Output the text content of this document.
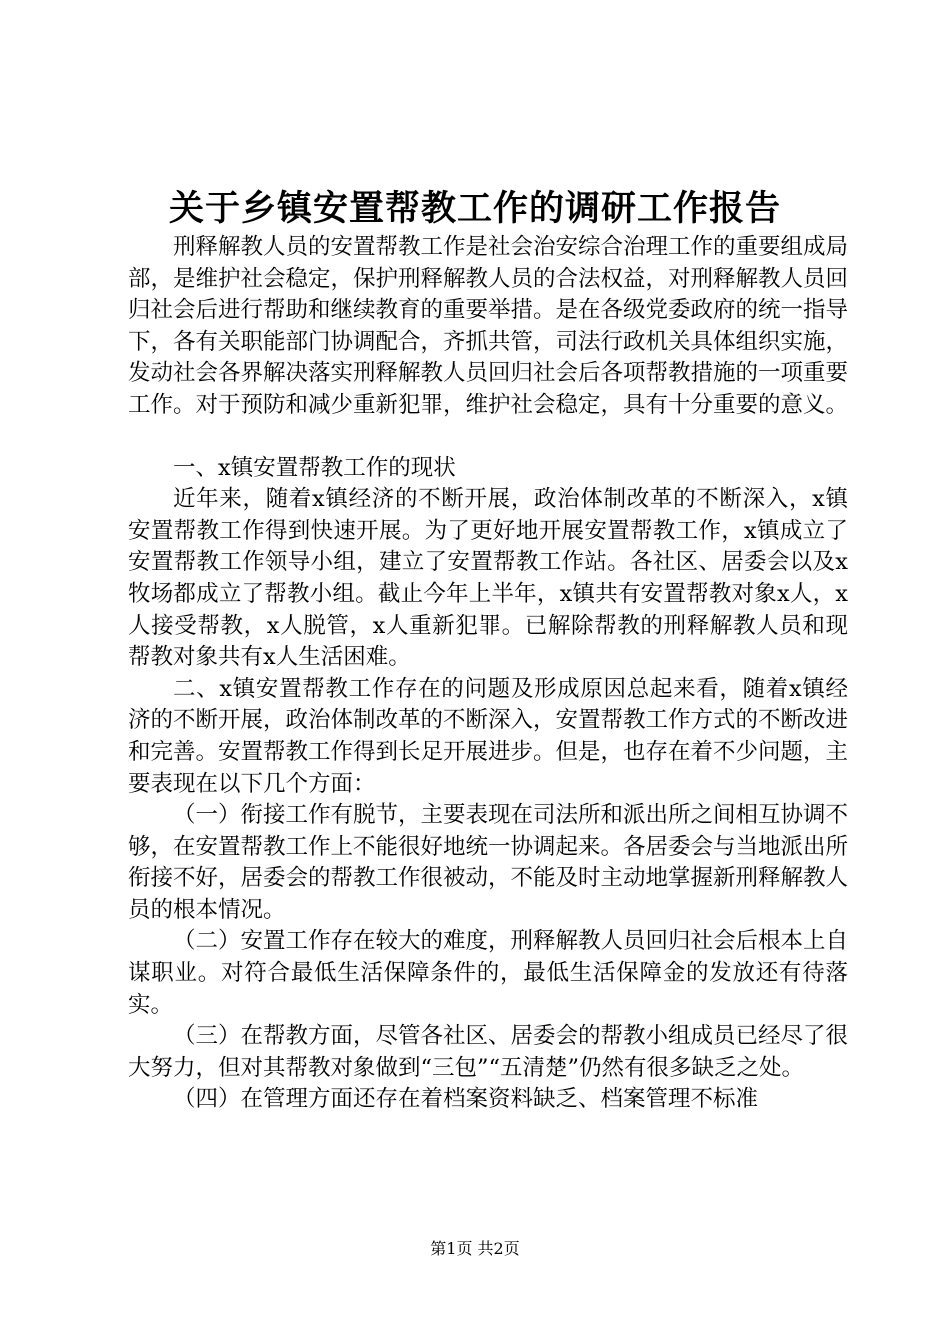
关于乡镇安置帮教工作的调研工作报告

刑释解教人员的安置帮教工作是社会治安综合治理工作的重要组成局部，是维护社会稳定，保护刑释解教人员的合法权益，对刑释解教人员回归社会后进行帮助和继续教育的重要举措。是在各级党委政府的统一指导下，各有关职能部门协调配合，齐抓共管，司法行政机关具体组织实施，发动社会各界解决落实刑释解教人员回归社会后各项帮教措施的一项重要工作。对于预防和减少重新犯罪，维护社会稳定，具有十分重要的意义。

一、x镇安置帮教工作的现状

近年来，随着x镇经济的不断开展，政治体制改革的不断深入，x镇安置帮教工作得到快速开展。为了更好地开展安置帮教工作，x镇成立了安置帮教工作领导小组，建立了安置帮教工作站。各社区、居委会以及x牧场都成立了帮教小组。截止今年上半年，x镇共有安置帮教对象x人，x人接受帮教，x人脱管，x人重新犯罪。已解除帮教的刑释解教人员和现帮教对象共有x人生活困难。

二、x镇安置帮教工作存在的问题及形成原因总起来看，随着x镇经济的不断开展，政治体制改革的不断深入，安置帮教工作方式的不断改进和完善。安置帮教工作得到长足开展进步。但是，也存在着不少问题，主要表现在以下几个方面：

（一）衔接工作有脱节，主要表现在司法所和派出所之间相互协调不够，在安置帮教工作上不能很好地统一协调起来。各居委会与当地派出所衔接不好，居委会的帮教工作很被动，不能及时主动地掌握新刑释解教人员的根本情况。

（二）安置工作存在较大的难度，刑释解教人员回归社会后根本上自谋职业。对符合最低生活保障条件的，最低生活保障金的发放还有待落实。

（三）在帮教方面，尽管各社区、居委会的帮教小组成员已经尽了很大努力，但对其帮教对象做到“三包”“五清楚”仍然有很多缺乏之处。

（四）在管理方面还存在着档案资料缺乏、档案管理不标准

第1页 共2页
